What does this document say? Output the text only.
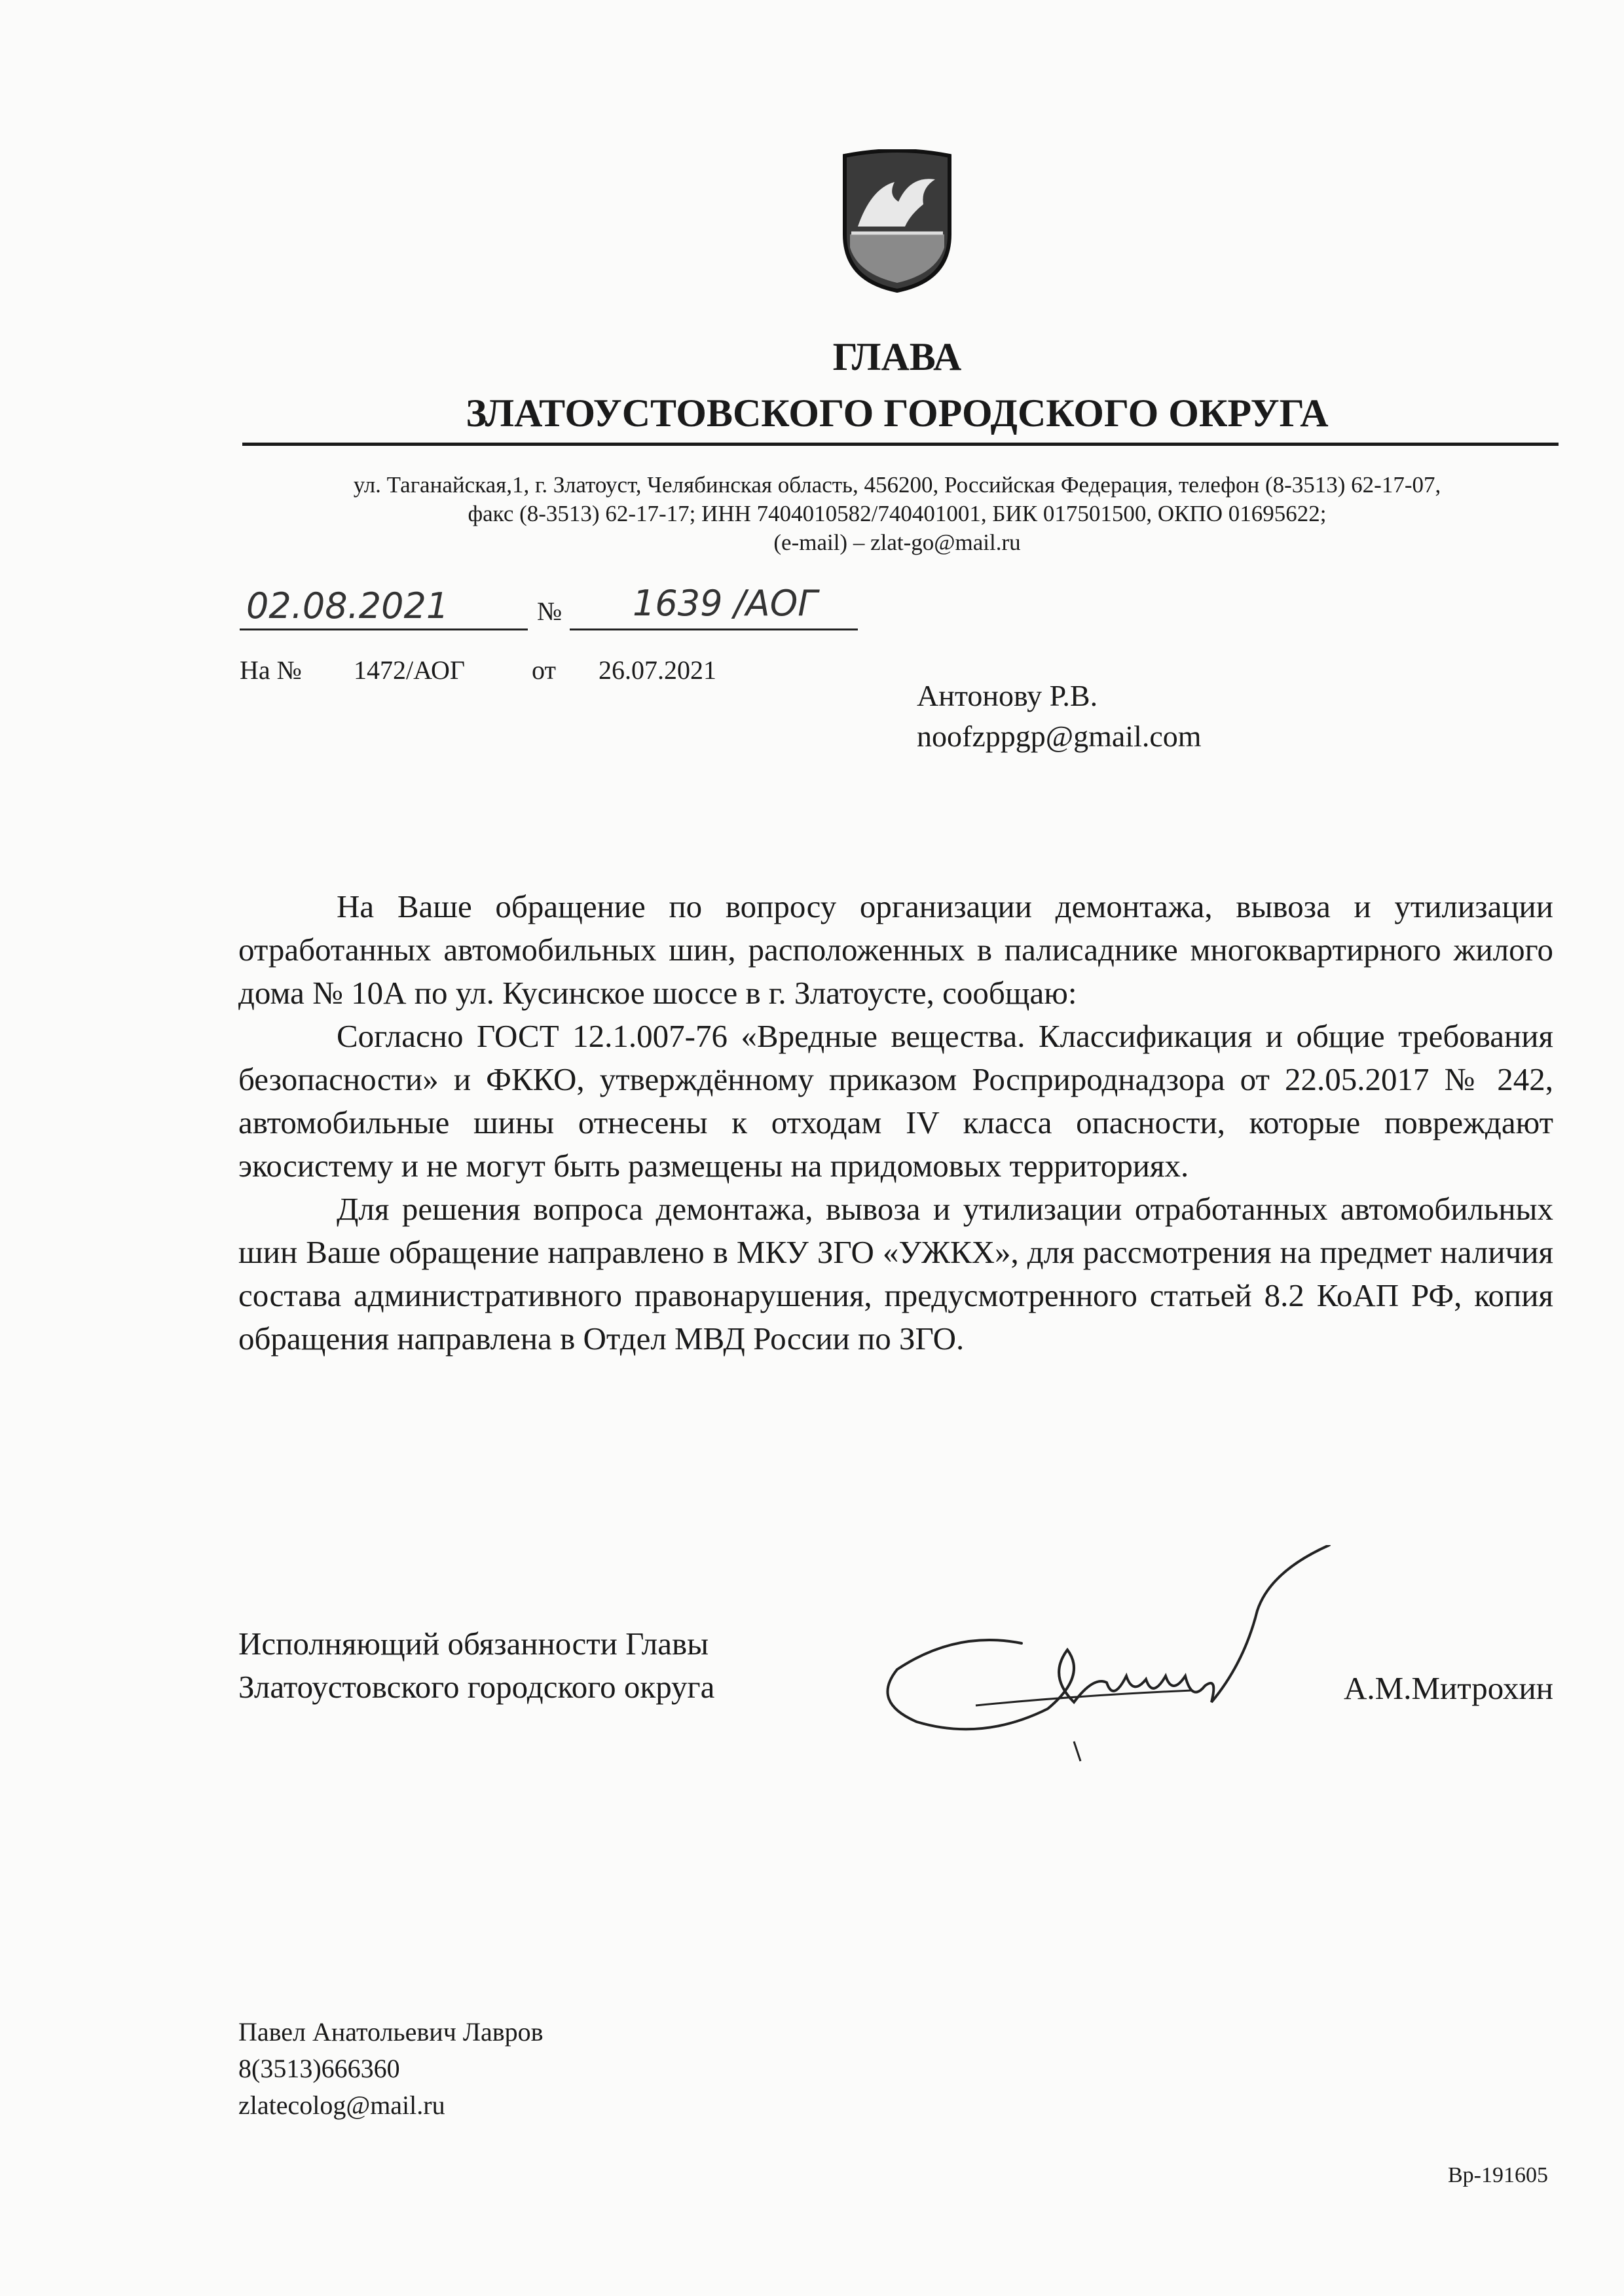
ГЛАВА
ЗЛАТОУСТОВСКОГО ГОРОДСКОГО ОКРУГА
ул. Таганайская,1, г. Златоуст, Челябинская область, 456200, Российская Федерация, телефон (8-3513) 62-17-07,
факс (8-3513) 62-17-17; ИНН 7404010582/740401001, БИК 017501500, ОКПО 01695622;
(e-mail) – zlat-go@mail.ru
02.08.2021	№ 1639 /АОГ
На № 1472/АОГ	от 26.07.2021
Антонову Р.В.
noofzppgp@gmail.com

На Ваше обращение по вопросу организации демонтажа, вывоза и утилизации отработанных автомобильных шин, расположенных в палисаднике многоквартирного жилого дома № 10А по ул. Кусинское шоссе в г. Златоусте, сообщаю:

Согласно ГОСТ 12.1.007-76 «Вредные вещества. Классификация и общие требования безопасности» и ФККО, утверждённому приказом Росприроднадзора от 22.05.2017 № 242, автомобильные шины отнесены к отходам IV класса опасности, которые повреждают экосистему и не могут быть размещены на придомовых территориях.

Для решения вопроса демонтажа, вывоза и утилизации отработанных автомобильных шин Ваше обращение направлено в МКУ ЗГО «УЖКХ», для рассмотрения на предмет наличия состава административного правонарушения, предусмотренного статьей 8.2 КоАП РФ, копия обращения направлена в Отдел МВД России по ЗГО.

Исполняющий обязанности Главы
Златоустовского городского округа	А.М.Митрохин
Павел Анатольевич Лавров
8(3513)666360
zlatecolog@mail.ru
Вр-191605
